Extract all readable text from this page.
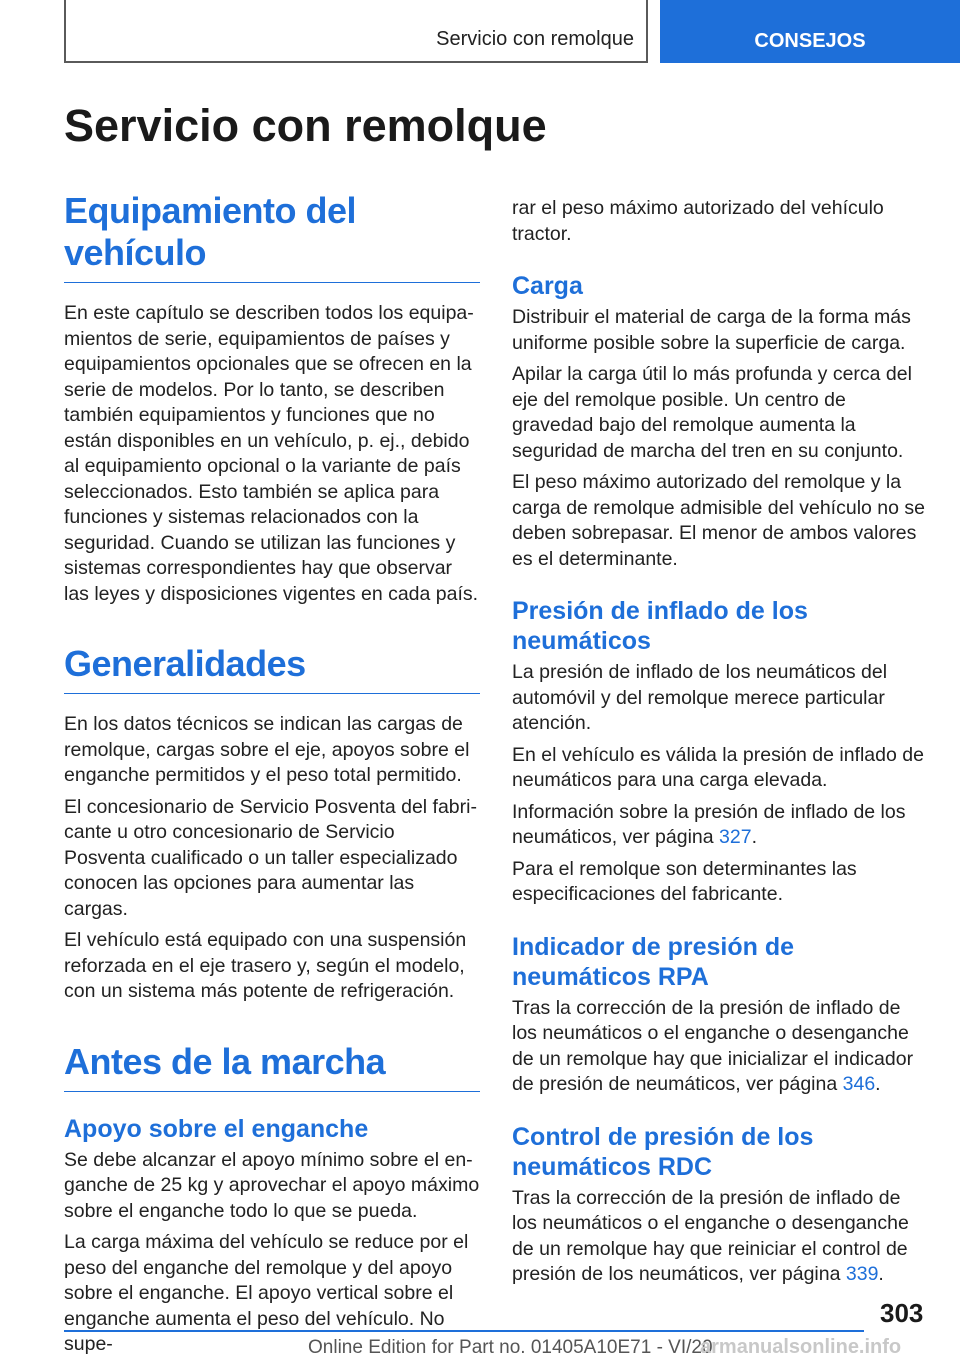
Servicio con remolque	CONSEJOS
Servicio con remolque
Equipamiento del vehículo

En este capítulo se describen todos los equipamientos de serie, equipamientos de países y equipamientos opcionales que se ofrecen en la serie de modelos. Por lo tanto, se describen también equipamientos y funciones que no están disponibles en un vehículo, p. ej., debido al equipamiento opcional o la variante de país seleccionados. Esto también se aplica para funciones y sistemas relacionados con la seguridad. Cuando se utilizan las funciones y sistemas correspondientes hay que observar las leyes y disposiciones vigentes en cada país.

Generalidades

En los datos técnicos se indican las cargas de remolque, cargas sobre el eje, apoyos sobre el enganche permitidos y el peso total permitido.

El concesionario de Servicio Posventa del fabricante u otro concesionario de Servicio Posventa cualificado o un taller especializado conocen las opciones para aumentar las cargas.

El vehículo está equipado con una suspensión reforzada en el eje trasero y, según el modelo, con un sistema más potente de refrigeración.

Antes de la marcha
Apoyo sobre el enganche

Se debe alcanzar el apoyo mínimo sobre el enganche de 25 kg y aprovechar el apoyo máximo sobre el enganche todo lo que se pueda.

La carga máxima del vehículo se reduce por el peso del enganche del remolque y del apoyo sobre el enganche. El apoyo vertical sobre el enganche aumenta el peso del vehículo. No supe-

rar el peso máximo autorizado del vehículo tractor.

Carga

Distribuir el material de carga de la forma más uniforme posible sobre la superficie de carga.

Apilar la carga útil lo más profunda y cerca del eje del remolque posible. Un centro de gravedad bajo del remolque aumenta la seguridad de marcha del tren en su conjunto.

El peso máximo autorizado del remolque y la carga de remolque admisible del vehículo no se deben sobrepasar. El menor de ambos valores es el determinante.

Presión de inflado de los neumáticos

La presión de inflado de los neumáticos del automóvil y del remolque merece particular atención.

En el vehículo es válida la presión de inflado de neumáticos para una carga elevada.

Información sobre la presión de inflado de los neumáticos, ver página 327.

Para el remolque son determinantes las especificaciones del fabricante.

Indicador de presión de neumáticos RPA

Tras la corrección de la presión de inflado de los neumáticos o el enganche o desenganche de un remolque hay que inicializar el indicador de presión de neumáticos, ver página 346.

Control de presión de los neumáticos RDC

Tras la corrección de la presión de inflado de los neumáticos o el enganche o desenganche de un remolque hay que reiniciar el control de presión de los neumáticos, ver página 339.

303
Online Edition for Part no. 01405A10E71 - VI/20
armanualsonline.info
